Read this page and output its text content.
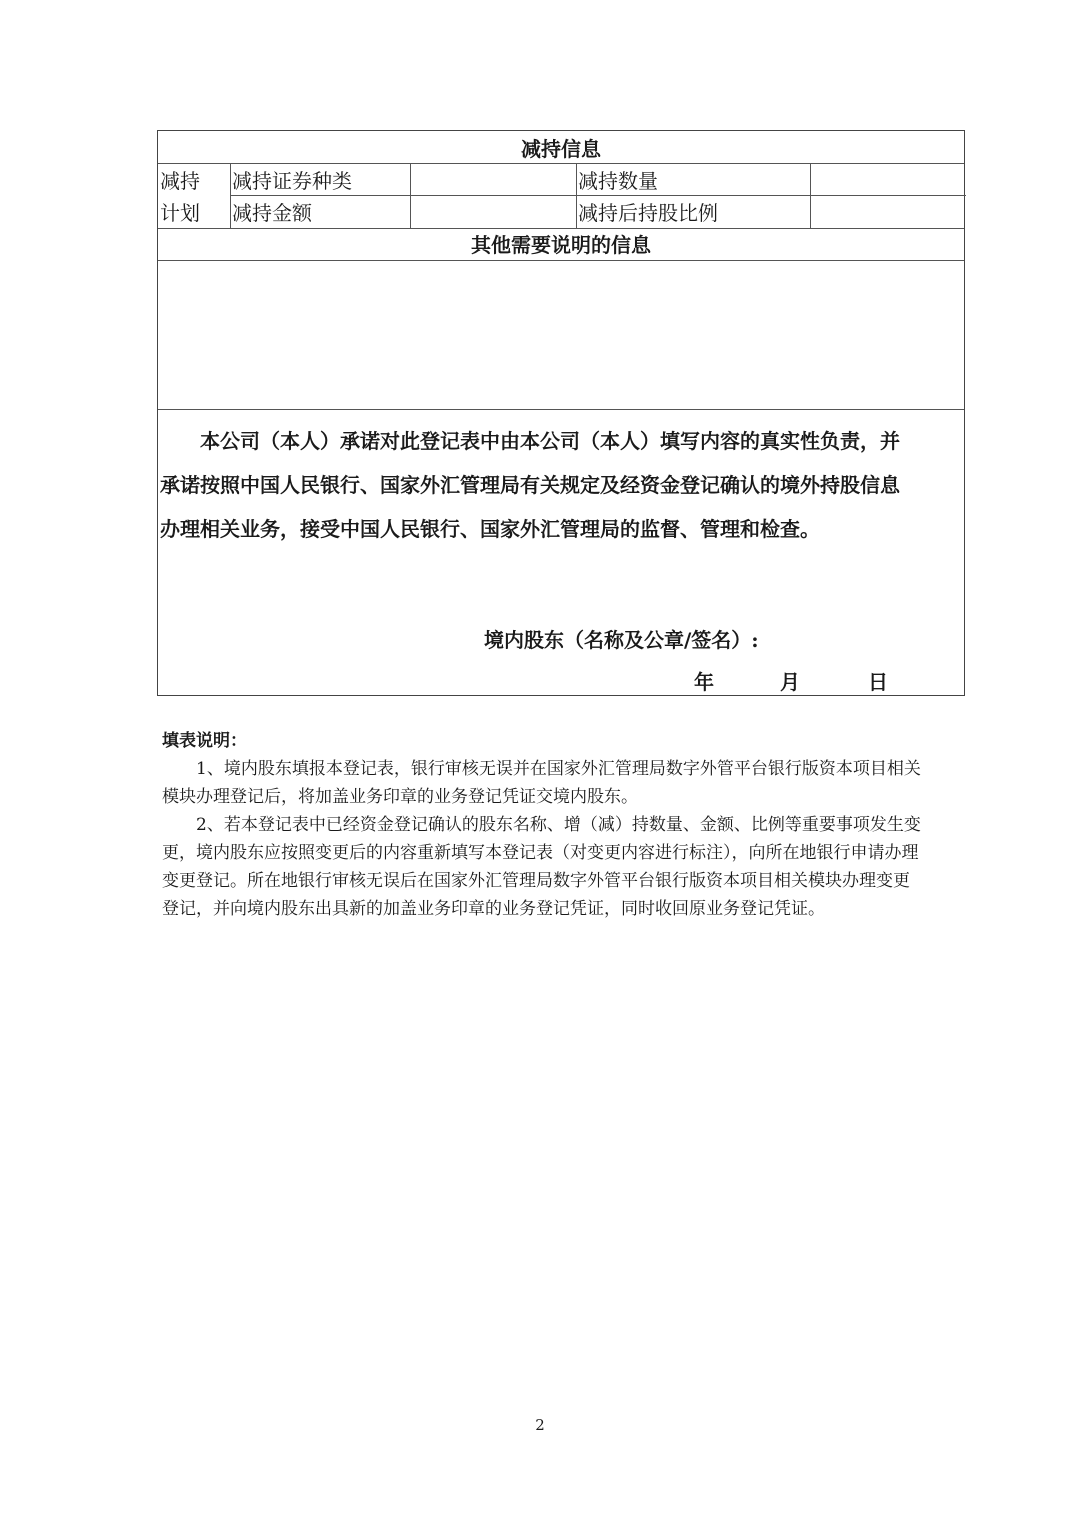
减持信息
减持
计划
减持证券种类	减持数量
减持金额	减持后持股比例
其他需要说明的信息

　　本公司（本人）承诺对此登记表中由本公司（本人）填写内容的真实性负责，并

承诺按照中国人民银行、国家外汇管理局有关规定及经资金登记确认的境外持股信息

办理相关业务，接受中国人民银行、国家外汇管理局的监督、管理和检查。

境内股东（名称及公章/签名）:
年	月	日

填表说明：

1、境内股东填报本登记表，银行审核无误并在国家外汇管理局数字外管平台银行版资本项目相关模块办理登记后，将加盖业务印章的业务登记凭证交境内股东。

2、若本登记表中已经资金登记确认的股东名称、增（减）持数量、金额、比例等重要事项发生变更，境内股东应按照变更后的内容重新填写本登记表（对变更内容进行标注），向所在地银行申请办理变更登记。所在地银行审核无误后在国家外汇管理局数字外管平台银行版资本项目相关模块办理变更登记，并向境内股东出具新的加盖业务印章的业务登记凭证，同时收回原业务登记凭证。

2
